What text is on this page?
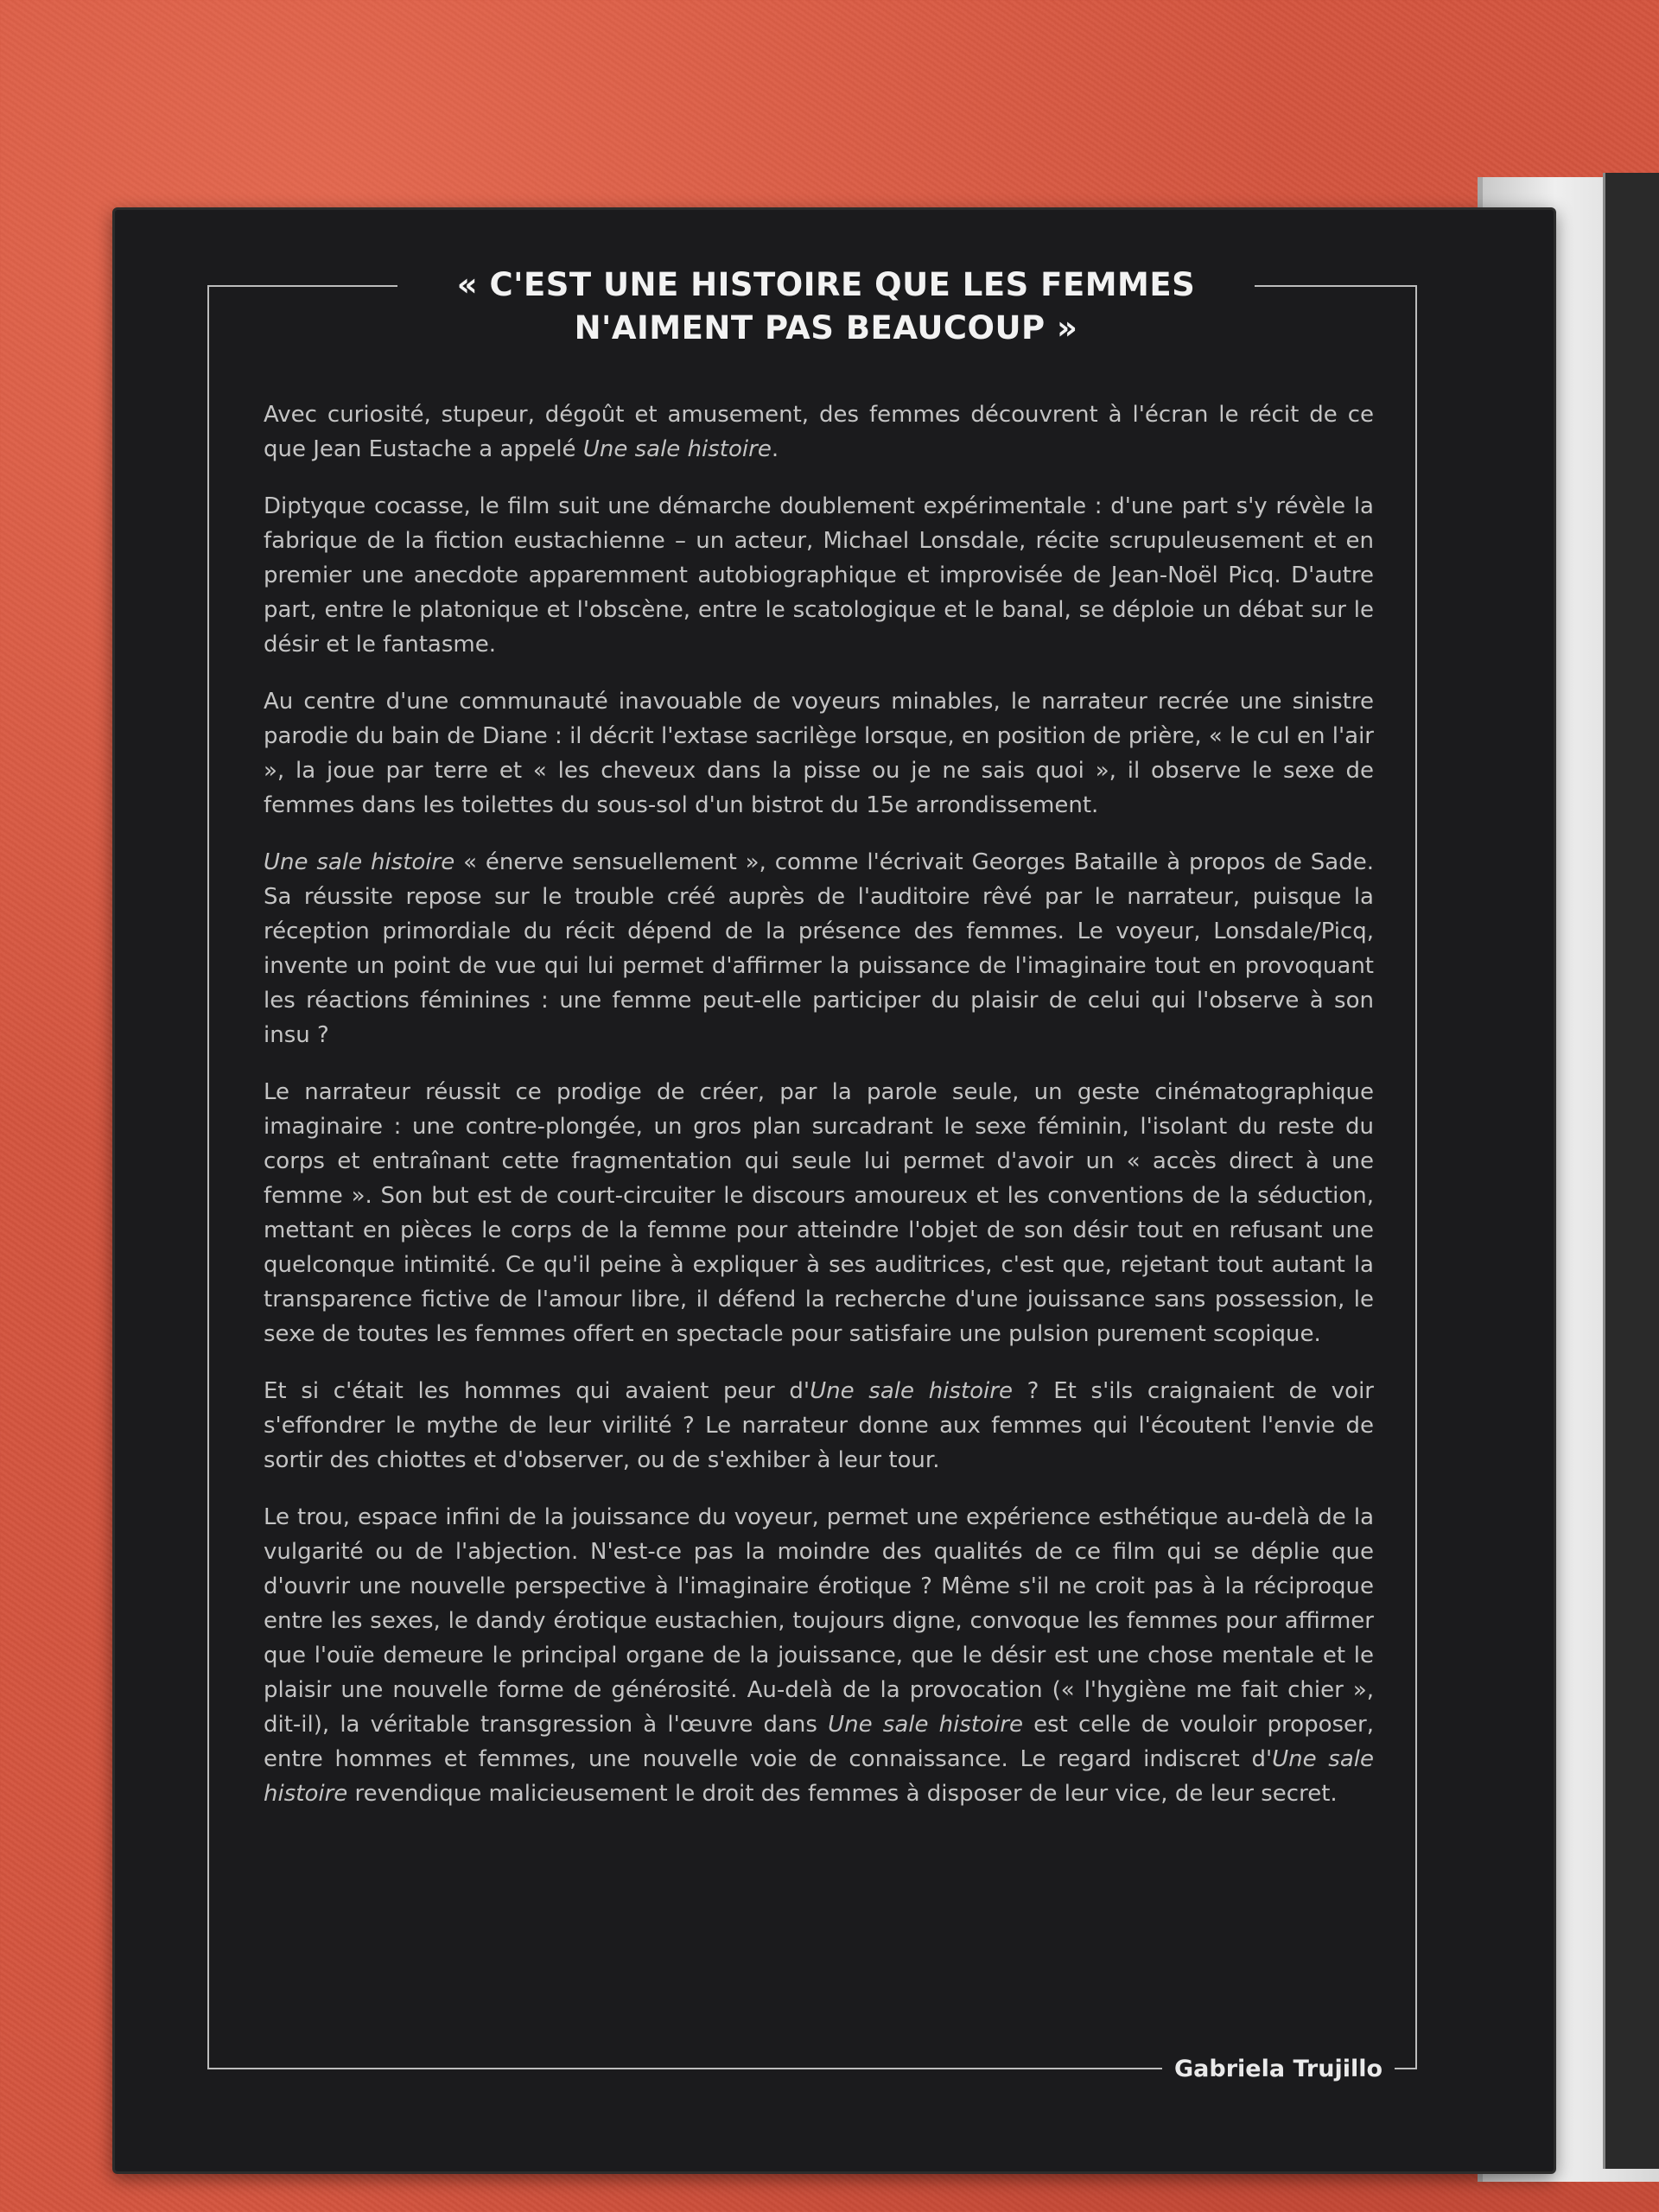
« C'EST UNE HISTOIRE QUE LES FEMMES
N'AIMENT PAS BEAUCOUP »

Avec curiosité, stupeur, dégoût et amusement, des femmes découvrent à l'écran le récit de ce que Jean Eustache a appelé Une sale histoire.

Diptyque cocasse, le film suit une démarche doublement expérimentale : d'une part s'y révèle la fabrique de la fiction eustachienne – un acteur, Michael Lonsdale, récite scrupuleusement et en premier une anecdote apparemment autobiographique et improvisée de Jean-Noël Picq. D'autre part, entre le platonique et l'obscène, entre le scatologique et le banal, se déploie un débat sur le désir et le fantasme.

Au centre d'une communauté inavouable de voyeurs minables, le narrateur recrée une sinistre parodie du bain de Diane : il décrit l'extase sacrilège lorsque, en position de prière, « le cul en l'air », la joue par terre et « les cheveux dans la pisse ou je ne sais quoi », il observe le sexe de femmes dans les toilettes du sous-sol d'un bistrot du 15e arrondissement.

Une sale histoire « énerve sensuellement », comme l'écrivait Georges Bataille à propos de Sade. Sa réussite repose sur le trouble créé auprès de l'auditoire rêvé par le narrateur, puisque la réception primordiale du récit dépend de la présence des femmes. Le voyeur, Lonsdale/Picq, invente un point de vue qui lui permet d'affirmer la puissance de l'imaginaire tout en provoquant les réactions féminines : une femme peut-elle participer du plaisir de celui qui l'observe à son insu ?

Le narrateur réussit ce prodige de créer, par la parole seule, un geste cinématographique imaginaire : une contre-plongée, un gros plan surcadrant le sexe féminin, l'isolant du reste du corps et entraînant cette fragmentation qui seule lui permet d'avoir un « accès direct à une femme ». Son but est de court-circuiter le discours amoureux et les conventions de la séduction, mettant en pièces le corps de la femme pour atteindre l'objet de son désir tout en refusant une quelconque intimité. Ce qu'il peine à expliquer à ses auditrices, c'est que, rejetant tout autant la transparence fictive de l'amour libre, il défend la recherche d'une jouissance sans possession, le sexe de toutes les femmes offert en spectacle pour satisfaire une pulsion purement scopique.

Et si c'était les hommes qui avaient peur d'Une sale histoire ? Et s'ils craignaient de voir s'effondrer le mythe de leur virilité ? Le narrateur donne aux femmes qui l'écoutent l'envie de sortir des chiottes et d'observer, ou de s'exhiber à leur tour.

Le trou, espace infini de la jouissance du voyeur, permet une expérience esthétique au-delà de la vulgarité ou de l'abjection. N'est-ce pas la moindre des qualités de ce film qui se déplie que d'ouvrir une nouvelle perspective à l'imaginaire érotique ? Même s'il ne croit pas à la réciproque entre les sexes, le dandy érotique eustachien, toujours digne, convoque les femmes pour affirmer que l'ouïe demeure le principal organe de la jouissance, que le désir est une chose mentale et le plaisir une nouvelle forme de générosité. Au-delà de la provocation (« l'hygiène me fait chier », dit-il), la véritable transgression à l'œuvre dans Une sale histoire est celle de vouloir proposer, entre hommes et femmes, une nouvelle voie de connaissance. Le regard indiscret d'Une sale histoire revendique malicieusement le droit des femmes à disposer de leur vice, de leur secret.

Gabriela Trujillo
